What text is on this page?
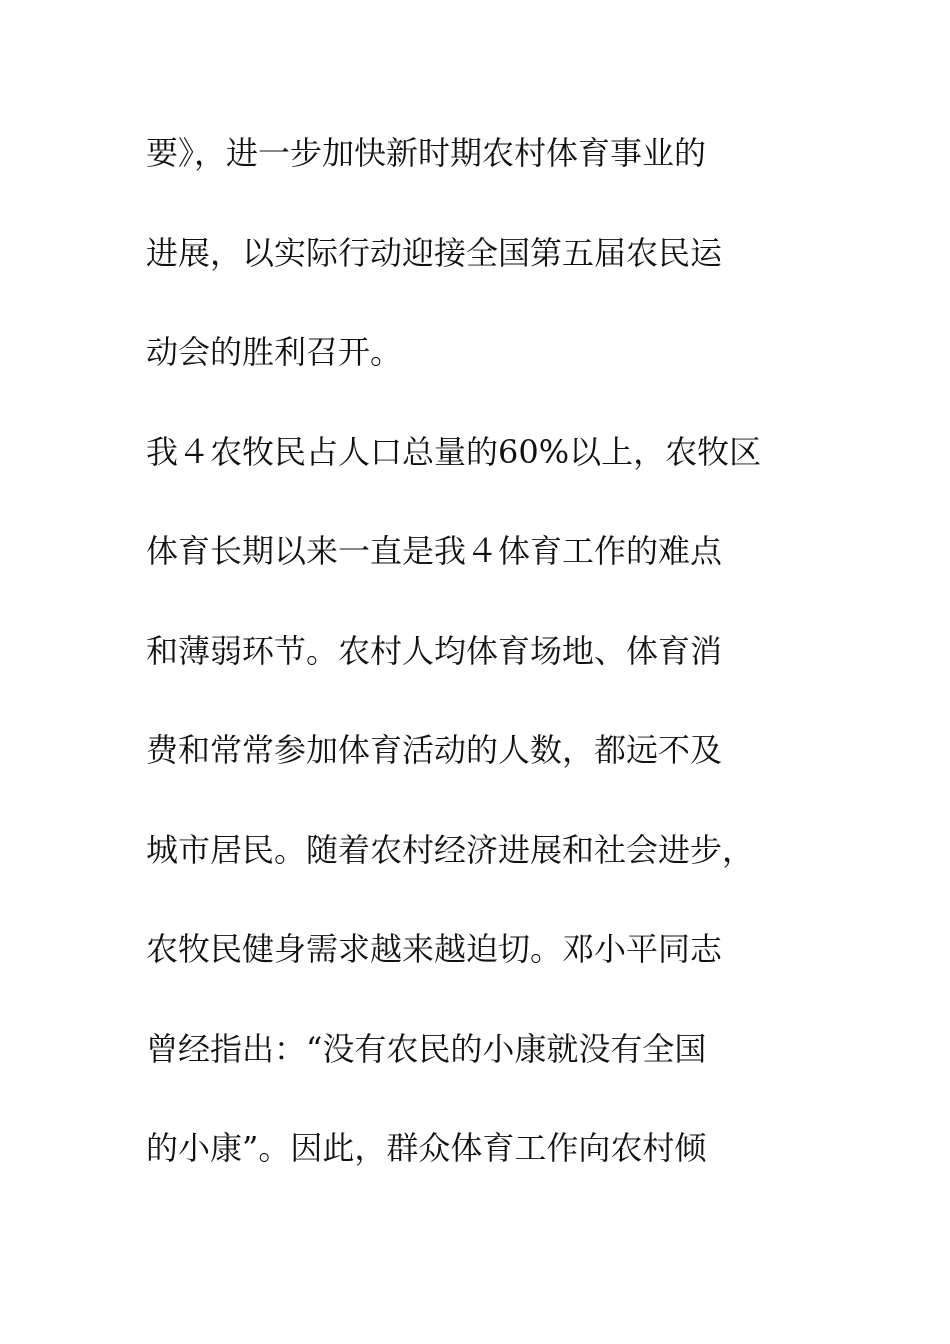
要》，进一步加快新时期农村体育事业的
进展，以实际行动迎接全国第五届农民运
动会的胜利召开。
我４农牧民占人口总量的60%以上，农牧区
体育长期以来一直是我４体育工作的难点
和薄弱环节。农村人均体育场地、体育消
费和常常参加体育活动的人数，都远不及
城市居民。随着农村经济进展和社会进步，
农牧民健身需求越来越迫切。邓小平同志
曾经指出：“没有农民的小康就没有全国
的小康”。因此，群众体育工作向农村倾
